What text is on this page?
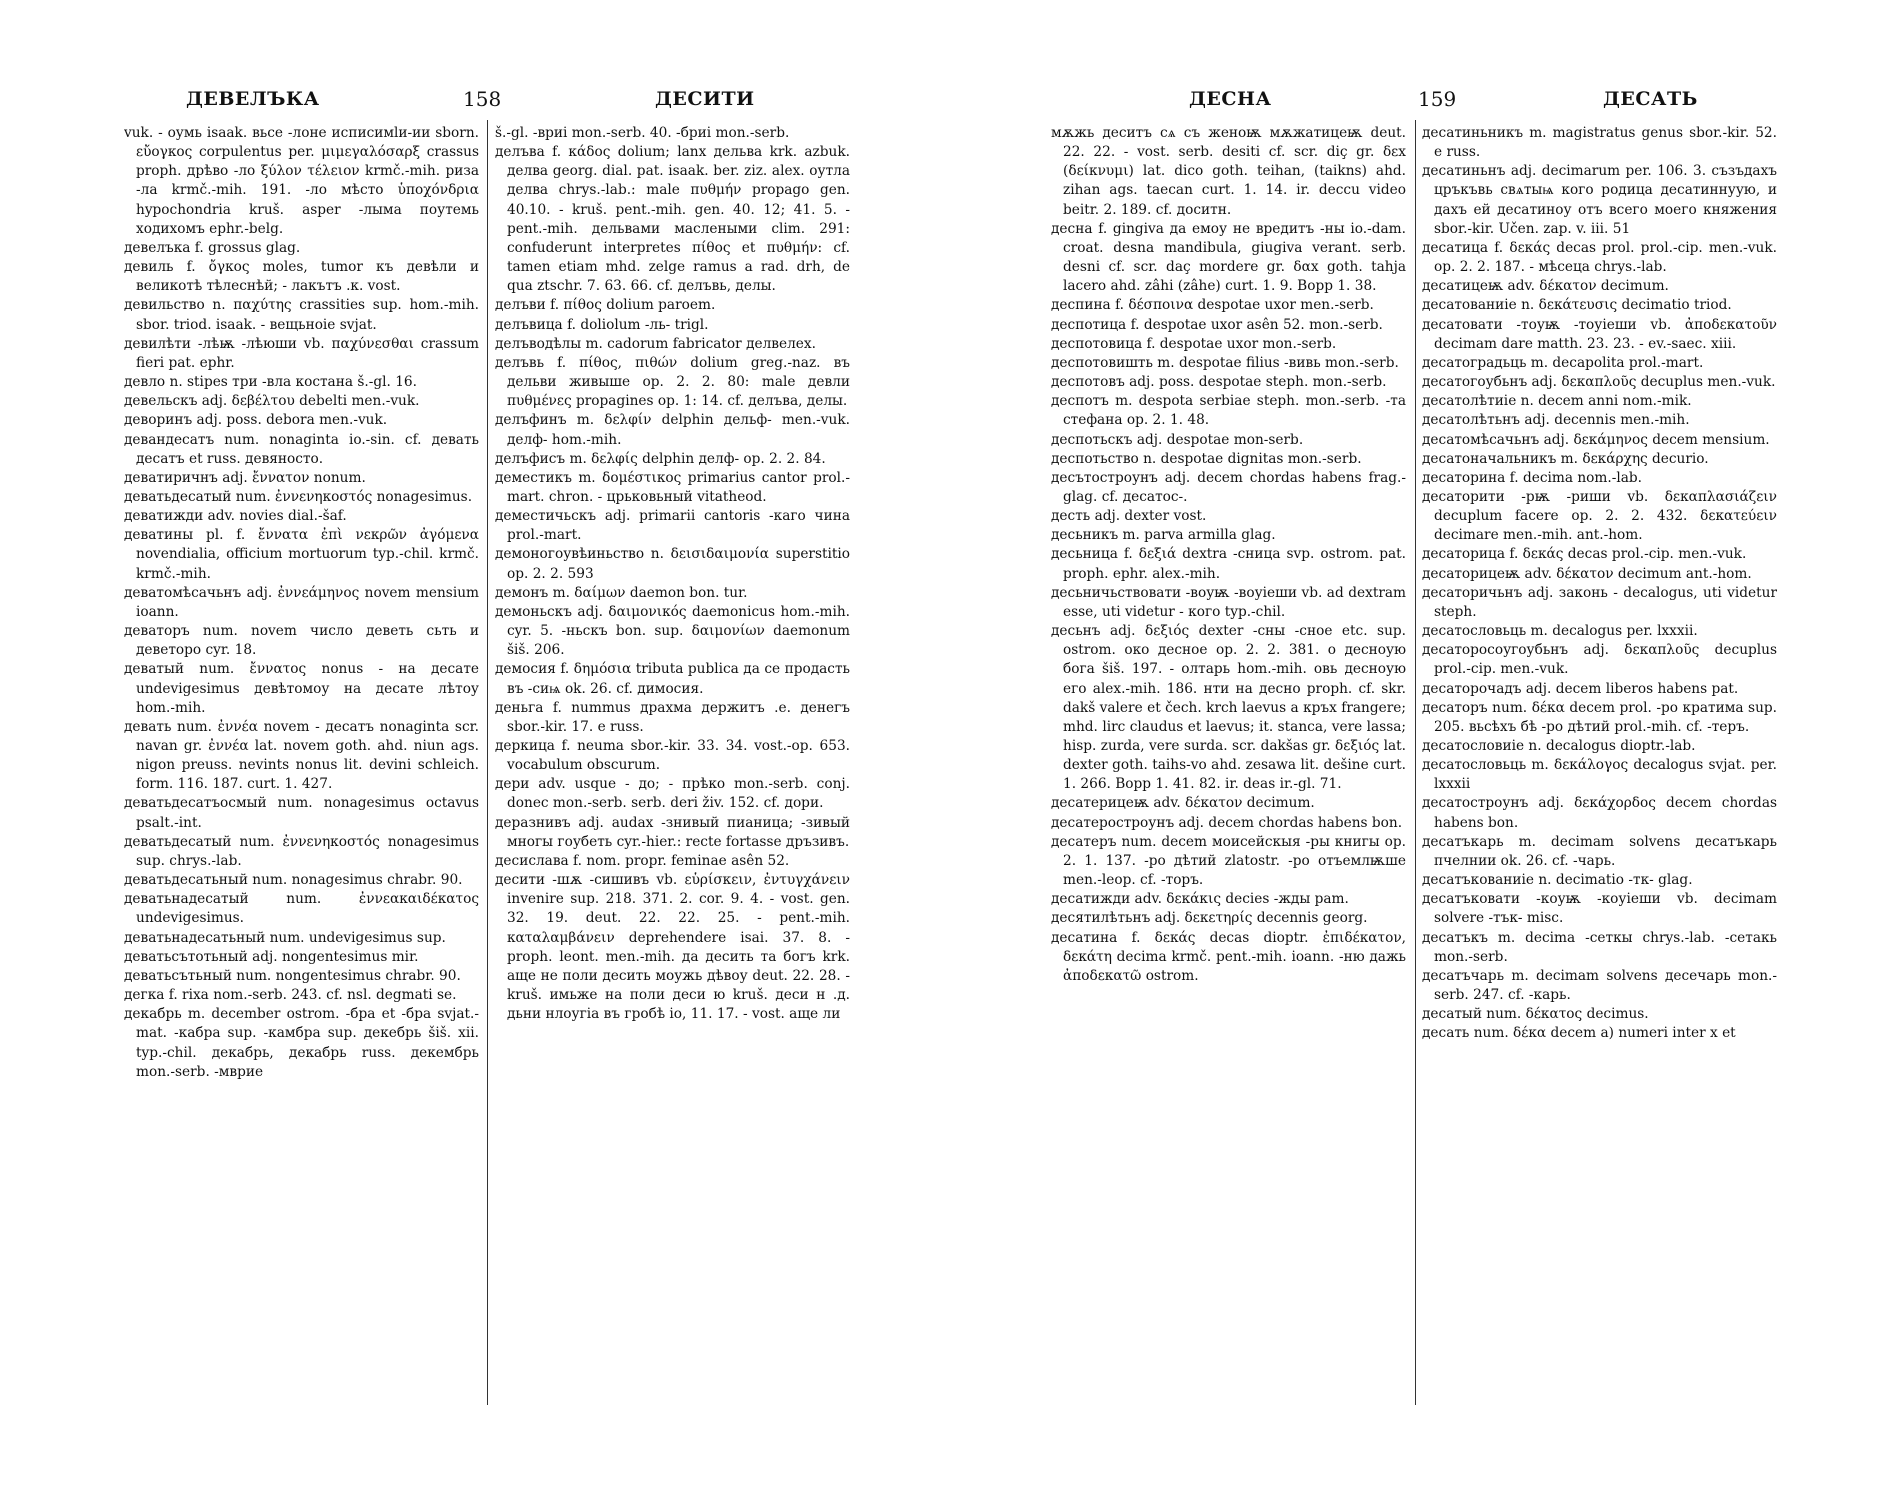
ДЕВЕЛЪКА	158	ДЕСИТИ

vuk. - оумь isaak. вьсе -лоне исписимlи-ии sborn. εὔογκος corpulentus per. μιμεγαλόσαρξ crassus proph. дрѣво -ло ξύλον τέλειον krmč.-mih. ризa -ла krmč.-mih. 191. -ло мѣсто ὑποχόνδρια hypochondria kruš. asper -лыма поутемь ходихомъ ephr.-belg.

девелъка f. grossus glag.

девиль f. ὄγκος moles, tumor къ девѣли и великотѣ тѣлеснѣй; - лакътъ .к. vost.

девильство n. παχύτης crassities sup. hom.-mih. sbor. triod. isaak. - вещьноie svjat.

девилѣти -лѣѭ -лѣюши vb. παχύνεσθαι crassum fieri pat. ephr.

девло n. stipes три -вла костана š.-gl. 16.

девельскъ adj. δεβέλτου debelti men.-vuk.

деворинъ adj. poss. debora men.-vuk.

девандесатъ num. nonaginta io.-sin. cf. девать десатъ et russ. девяносто.

деватиричнъ adj. ἔννατον nonum.

деватьдесатый num. ἐννενηκοστός nonagesimus.

деватижди adv. novies dial.-šaf.

деватины pl. f. ἔννατα ἐπὶ νεκρῶν ἀγόμενα novendialia, officium mortuorum typ.-chil. krmč. krmč.-mih.

деватомѣсачьнъ adj. ἐννεάμηνος novem mensium ioann.

деваторъ num. novem число деветь сьть и деветоро cyr. 18.

деватый num. ἔννατος nonus - на десате undevigesimus девѣтомоу на десате лѣтоу hom.-mih.

девать num. ἐννέα novem - десатъ nonaginta scr. navan gr. ἐννέα lat. novem goth. ahd. niun ags. nigon preuss. nevints nonus lit. devini schleich. form. 116. 187. curt. 1. 427.

деватьдесатъосмый num. nonagesimus octavus psalt.-int.

деватьдесатый num. ἐννενηκοστός nonagesimus sup. chrys.-lab.

деватьдесатьный num. nonagesimus chrabr. 90.

деватьнадесатый num. ἐννεακαιδέκατος undevigesimus.

деватьнадесатьный num. undevigesimus sup.

деватьсътотьный adj. nongentesimus mir.

деватьсътьный num. nongentesimus chrabr. 90.

дегка f. rixa nom.-serb. 243. cf. nsl. degmati se.

декабрь m. december ostrom. -бра et -бра svjat.-mat. -кабра sup. -камбра sup. декебрь šiš. xii. typ.-chil. декабрь, декабрь russ. декембрь mon.-serb. -мврие

š.-gl. -вриi mon.-serb. 40. -бриi mon.-serb.

делъва f. κάδος dolium; lanx дельва krk. azbuk. делва georg. dial. pat. isaak. ber. ziz. alex. оутла делва chrys.-lab.: male πυθμήν propago gen. 40.10. - kruš. pent.-mih. gen. 40. 12; 41. 5. - pent.-mih. дельвами маслеными clim. 291: confuderunt interpretes πίθος et πυθμήν: cf. tamen etiam mhd. zelge ramus a rad. drh, de qua ztschr. 7. 63. 66. cf. делъвь, делы.

делъви f. πίθος dolium paroem.

делъвица f. doliolum -ль- trigl.

делъводѣлы m. cadorum fabricator делвeлex.

делъвь f. πίθος, πιθών dolium greg.-naz. въ дельви живыше op. 2. 2. 80: male девли πυθμένες propagines op. 1: 14. cf. делъва, делы.

делъфинъ m. δελφίν delphin дельф- men.-vuk. делф- hom.-mih.

делъфисъ m. δελφίς delphin делф- op. 2. 2. 84.

деместикъ m. δομέστικος primarius cantor prol.-mart. chron. - црьковьный vitatheod.

деместичьскъ adj. primarii cantoris -каго чина prol.-mart.

демоногоувѣиньство n. δεισιδαιμονία superstitio op. 2. 2. 593

демонъ m. δαίμων daemon bon. tur.

демоньскъ adj. δαιμονικός daemonicus hom.-mih. cyr. 5. -ньскъ bon. sup. δαιμονίων daemonum šiš. 206.

демосия f. δημόσια tributa publica да се продасть въ -сиѩ ok. 26. cf. димосия.

деньга f. nummus драхма держитъ .е. денегъ sbor.-kir. 17. e russ.

деркица f. neuma sbor.-kir. 33. 34. vost.-op. 653. vocabulum obscurum.

дери adv. usque - до; - прѣко mon.-serb. conj. donec mon.-serb. serb. deri živ. 152. cf. дори.

деразнивъ adj. audax -знивый пианица; -зивый многы гоубеть cyr.-hier.: recte fortasse дръзивъ.

десислава f. nom. propr. feminae asên 52.

десити -шѫ -сишивъ vb. εὑρίσκειν, ἐντυγχάνειν invenire sup. 218. 371. 2. cor. 9. 4. - vost. gen. 32. 19. deut. 22. 22. 25. - pent.-mih. καταλαμβάνειν deprehendere isai. 37. 8. - proph. leont. men.-mih. да десить та богъ krk. аще не поли десить моужь дѣвоу deut. 22. 28. - kruš. имьже на поли деси ю kruš. деси н .д. дьни нлоугіа въ гробѣ io, 11. 17. - vost. аще ли

ДЕСНА	159	ДЕСАТЬ

мѫжь деситъ сѧ съ женоѭ мѫжатицеѭ deut. 22. 22. - vost. serb. desiti cf. scr. diç gr. δεx (δείκνυμι) lat. dico goth. teihan, (taikns) ahd. zihan ags. taecan curt. 1. 14. ir. deccu video beitr. 2. 189. cf. доситн.

десна f. gingiva да емоу не вредитъ -ны io.-dam. croat. desna mandibula, giugiva verant. serb. desni cf. scr. daç mordere gr. δαx goth. tahja lacero ahd. zâhi (zâhe) curt. 1. 9. Bopp 1. 38.

деспина f. δέσποινα despotae uxor men.-serb.

деспотица f. despotae uxor asên 52. mon.-serb.

деспотовица f. despotae uxor mon.-serb.

деспотовишть m. despotae filius -вивь mon.-serb.

деспотовъ adj. poss. despotae steph. mon.-serb.

деспотъ m. despota serbiae steph. mon.-serb. -та стефана op. 2. 1. 48.

деспотьскъ adj. despotae mon-serb.

деспотьство n. despotae dignitas mon.-serb.

десътостроунъ adj. decem chordas habens frag.-glag. cf. десатос-.

десть adj. dexter vost.

десьникъ m. parva armilla glag.

десьница f. δεξιά dextra -сница svp. ostrom. pat. proph. ephr. alex.-mih.

десьничьствовати -воуѭ -воуiеши vb. ad dextram esse, uti videtur - кого typ.-chil.

десьнъ adj. δεξιός dexter -сны -сное etc. sup. ostrom. око десное op. 2. 2. 381. о десноую бога šiš. 197. - олтарь hom.-mih. овь десноую его alex.-mih. 186. нти на десно proph. cf. skr. dakš valere et čech. krch laevus a кръх frangere; mhd. lirc claudus et laevus; it. stanca, vere lassa; hisp. zurda, vere surda. scr. dakšas gr. δεξιός lat. dexter goth. taihs-vo ahd. zesawa lit. dešine curt. 1. 266. Bopp 1. 41. 82. ir. deas ir.-gl. 71.

десатерицеѭ adv. δέκατον decimum.

десатеростроунъ adj. decem chordas habens bon.

десатеръ num. decem моисейскыя -ры книгы op. 2. 1. 137. -ро дѣтий zlatostr. -ро отъемлѭше men.-leop. cf. -торъ.

десатижди adv. δεκάκις decies -жды pam.

десятилѣтьнъ adj. δεκετηρίς decennis georg.

десатина f. δεκάς decas dioptr. ἐπιδέκατον, δεκάτη decima krmč. pent.-mih. ioann. -ню дажь ἀποδεκατῶ ostrom.

десатиньникъ m. magistratus genus sbor.-kir. 52. e russ.

десатиньнъ adj. decimarum per. 106. 3. съзъдахъ цръкъвь свѧтыѩ кого родица десатиннуую, и дахъ ей десатиноу отъ всего моего княжения sbor.-kir. Učen. zap. v. iii. 51

десатица f. δεκάς decas prol. prol.-cip. men.-vuk. op. 2. 2. 187. - мѣсеца chrys.-lab.

десатицеѭ adv. δέκατον decimum.

десатованиie n. δεκάτευσις decimatio triod.

десатовати -тоуѭ -тоуiеши vb. ἀποδεκατοῦν decimam dare matth. 23. 23. - ev.-saec. xiii.

десатоградьць m. decapolita prol.-mart.

десатогоубьнъ adj. δεκαπλοῦς decuplus men.-vuk.

десатолѣтиie n. decem anni nom.-mik.

десатолѣтьнъ adj. decennis men.-mih.

десатомѣсачьнъ adj. δεκάμηνος decem mensium.

десатоначальникъ m. δεκάρχης decurio.

десаторина f. decima nom.-lab.

десаторити -рѭ -риши vb. δεκαπλασιάζειν decuplum facere op. 2. 2. 432. δεκατεύειν decimare men.-mih. ant.-hom.

десаторица f. δεκάς decas prol.-cip. men.-vuk.

десаторицеѭ adv. δέκατον decimum ant.-hom.

десаторичьнъ adj. законь - decalogus, uti videtur steph.

десатословьць m. decalogus per. lxxxii.

десаторосоугоубьнъ adj. δεκαπλοῦς decuplus prol.-cip. men.-vuk.

десаторочадъ adj. decem liberos habens pat.

десаторъ num. δέκα decem prol. -ро кратимa sup. 205. вьсѣхъ бѣ -ро дѣтий prol.-mih. cf. -теръ.

десатословиie n. decalogus dioptr.-lab.

десатословьць m. δεκάλογος decalogus svjat. per. lxxxii

десатостроунъ adj. δεκάχορδος decem chordas habens bon.

десатъкарь m. decimam solvens десатъкарь пчелнии ok. 26. cf. -чарь.

десатъкованиie n. decimatio -тк- glag.

десатъковати -коуѭ -коуiеши vb. decimam solvere -тък- misc.

десатъкъ m. decima -сеткы chrys.-lab. -сетакь mon.-serb.

десатъчарь m. decimam solvens десечарь mon.-serb. 247. cf. -карь.

десатый num. δέκατος decimus.

десать num. δέκα decem a) numeri inter x et
